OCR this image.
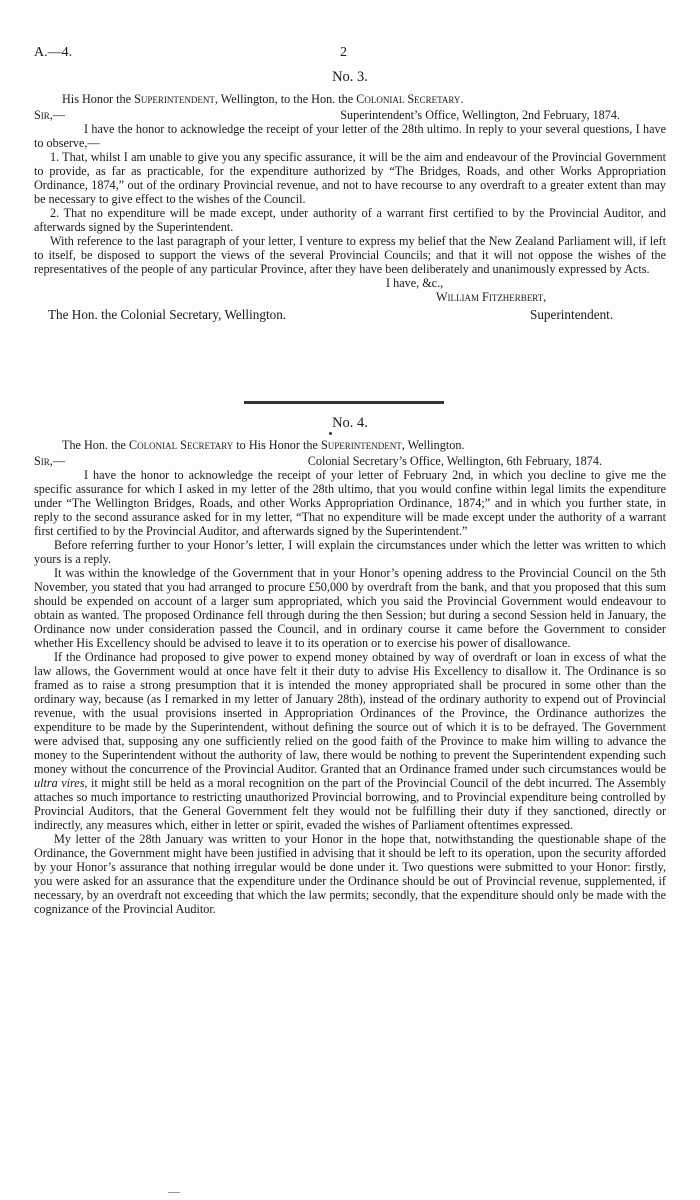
A.—4.	2
No. 3.
His Honor the Superintendent, Wellington, to the Hon. the Colonial Secretary.
Sir,—	Superintendent’s Office, Wellington, 2nd February, 1874.

I have the honor to acknowledge the receipt of your letter of the 28th ultimo. In reply to your several questions, I have to observe,—

1. That, whilst I am unable to give you any specific assurance, it will be the aim and endeavour of the Provincial Government to provide, as far as practicable, for the expenditure authorized by “The Bridges, Roads, and other Works Appropriation Ordinance, 1874,” out of the ordinary Provincial revenue, and not to have recourse to any overdraft to a greater extent than may be necessary to give effect to the wishes of the Council.

2. That no expenditure will be made except, under authority of a warrant first certified to by the Provincial Auditor, and afterwards signed by the Superintendent.

With reference to the last paragraph of your letter, I venture to express my belief that the New Zealand Parliament will, if left to itself, be disposed to support the views of the several Provincial Councils; and that it will not oppose the wishes of the representatives of the people of any particular Province, after they have been deliberately and unanimously expressed by Acts.

I have, &c.,
William Fitzherbert,
The Hon. the Colonial Secretary, Wellington.	Superintendent.
No. 4.
The Hon. the Colonial Secretary to His Honor the Superintendent, Wellington.
Sir,—	Colonial Secretary’s Office, Wellington, 6th February, 1874.

I have the honor to acknowledge the receipt of your letter of February 2nd, in which you decline to give me the specific assurance for which I asked in my letter of the 28th ultimo, that you would confine within legal limits the expenditure under “The Wellington Bridges, Roads, and other Works Appropriation Ordinance, 1874;” and in which you further state, in reply to the second assurance asked for in my letter, “That no expenditure will be made except under the authority of a warrant first certified to by the Provincial Auditor, and afterwards signed by the Superintendent.”

Before referring further to your Honor’s letter, I will explain the circumstances under which the letter was written to which yours is a reply.

It was within the knowledge of the Government that in your Honor’s opening address to the Provincial Council on the 5th November, you stated that you had arranged to procure £50,000 by overdraft from the bank, and that you proposed that this sum should be expended on account of a larger sum appropriated, which you said the Provincial Government would endeavour to obtain as wanted. The proposed Ordinance fell through during the then Session; but during a second Session held in January, the Ordinance now under consideration passed the Council, and in ordinary course it came before the Government to consider whether His Excellency should be advised to leave it to its operation or to exercise his power of disallowance.

If the Ordinance had proposed to give power to expend money obtained by way of overdraft or loan in excess of what the law allows, the Government would at once have felt it their duty to advise His Excellency to disallow it. The Ordinance is so framed as to raise a strong presumption that it is intended the money appropriated shall be procured in some other than the ordinary way, because (as I remarked in my letter of January 28th), instead of the ordinary authority to expend out of Provincial revenue, with the usual provisions inserted in Appropriation Ordinances of the Province, the Ordinance authorizes the expenditure to be made by the Superintendent, without defining the source out of which it is to be defrayed. The Government were advised that, supposing any one sufficiently relied on the good faith of the Province to make him willing to advance the money to the Superintendent without the authority of law, there would be nothing to prevent the Superintendent expending such money without the concurrence of the Provincial Auditor. Granted that an Ordinance framed under such circumstances would be ultra vires, it might still be held as a moral recognition on the part of the Provincial Council of the debt incurred. The Assembly attaches so much importance to restricting unauthorized Provincial borrowing, and to Provincial expenditure being controlled by Provincial Auditors, that the General Government felt they would not be fulfilling their duty if they sanctioned, directly or indirectly, any measures which, either in letter or spirit, evaded the wishes of Parliament oftentimes expressed.

My letter of the 28th January was written to your Honor in the hope that, notwithstanding the questionable shape of the Ordinance, the Government might have been justified in advising that it should be left to its operation, upon the security afforded by your Honor’s assurance that nothing irregular would be done under it. Two questions were submitted to your Honor: firstly, you were asked for an assurance that the expenditure under the Ordinance should be out of Provincial revenue, supplemented, if necessary, by an overdraft not exceeding that which the law permits; secondly, that the expenditure should only be made with the cognizance of the Provincial Auditor.
